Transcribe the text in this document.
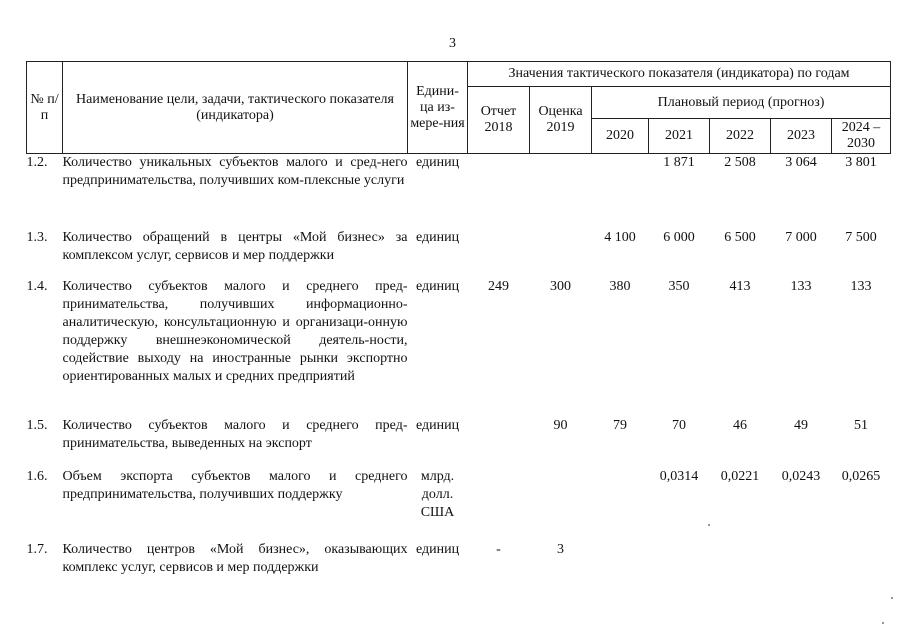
3
№ п/п	Наименование цели, задачи, тактического показателя (индикатора)	Едини-ца из-мере-ния	Значения тактического показателя (индикатора) по годам						
			Отчет 2018	Оценка 2019	Плановый период (прогноз)				
					2020	2021	2022	2023	2024 – 2030
1.2.	Количество уникальных субъектов малого и сред-него предпринимательства, получивших ком-плексные услуги	единиц				1 871	2 508	3 064	3 801
1.3.	Количество обращений в центры «Мой бизнес» за комплексом услуг, сервисов и мер поддержки	единиц			4 100	6 000	6 500	7 000	7 500
1.4.	Количество субъектов малого и среднего пред-принимательства, получивших информационно-аналитическую, консультационную и организаци-онную поддержку внешнеэкономической деятель-ности, содействие выходу на иностранные рынки экспортно ориентированных малых и средних предприятий	единиц	249	300	380	350	413	133	133
1.5.	Количество субъектов малого и среднего пред-принимательства, выведенных на экспорт	единиц		90	79	70	46	49	51
1.6.	Объем экспорта субъектов малого и среднего предпринимательства, получивших поддержку	млрд. долл. США				0,0314	0,0221	0,0243	0,0265
1.7.	Количество центров «Мой бизнес», оказывающих комплекс услуг, сервисов и мер поддержки	единиц	-	3					
